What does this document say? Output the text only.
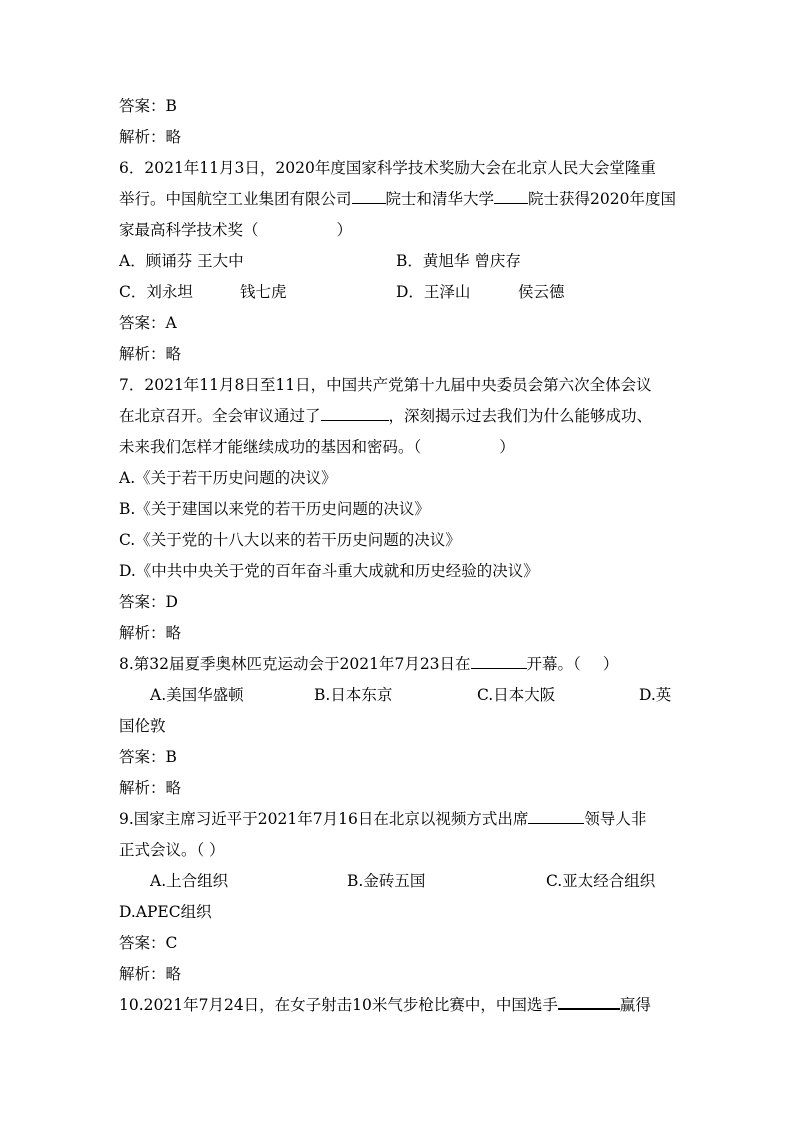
答案：B
解析：略
6．2021年11月3日，2020年度国家科学技术奖励大会在北京人民大会堂隆重
举行。中国航空工业集团有限公司 院士和清华大学 院士获得2020年度国
家最高科学技术奖（	）
A．顾诵芬 王大中	B．黄旭华 曾庆存
C．刘永坦	钱七虎	D．王泽山	侯云德
答案：A
解析：略
7．2021年11月8日至11日，中国共产党第十九届中央委员会第六次全体会议
在北京召开。全会审议通过了	，深刻揭示过去我们为什么能够成功、
未来我们怎样才能继续成功的基因和密码。（	）
A.《关于若干历史问题的决议》
B.《关于建国以来党的若干历史问题的决议》
C.《关于党的十八大以来的若干历史问题的决议》
D.《中共中央关于党的百年奋斗重大成就和历史经验的决议》
答案：D
解析：略
8.第32届夏季奥林匹克运动会于2021年7月23日在	开幕。（ ）
A.美国华盛顿	B.日本东京	C.日本大阪	D.英
国伦敦
答案：B
解析：略
9.国家主席习近平于2021年7月16日在北京以视频方式出席	领导人非
正式会议。（ ）
A.上合组织	B.金砖五国	C.亚太经合组织
D.APEC组织
答案：C
解析：略
10.2021年7月24日，在女子射击10米气步枪比赛中，中国选手	赢得
